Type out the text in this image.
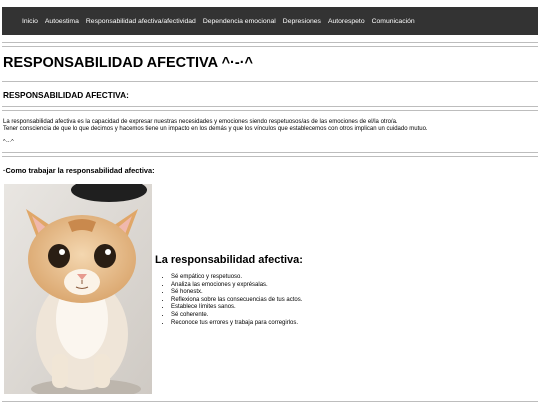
Inicio Autoestima Responsabilidad afectiva/afectividad Dependencia emocional Depresiones Autorespeto Comunicación
RESPONSABILIDAD AFECTIVA ^·-·^
RESPONSABILIDAD AFECTIVA:
La responsabilidad afectiva es la capacidad de expresar nuestras necesidades y emociones siendo respetuosos/as de las emociones de el/la otro/a.
Tener consciencia de que lo que decimos y hacemos tiene un impacto en los demás y que los vínculos que establecemos con otros implican un cuidado mutuo.

^·-·^

·Como trabajar la responsabilidad afectiva:
La responsabilidad afectiva:
• Sé empático y respetuoso.
• Analiza las emociones y exprésalas.
• Sé honestx.
• Reflexiona sobre las consecuencias de tus actos.
• Establece límites sanos.
• Sé coherente.
• Reconoce tus errores y trabaja para corregirlos.
